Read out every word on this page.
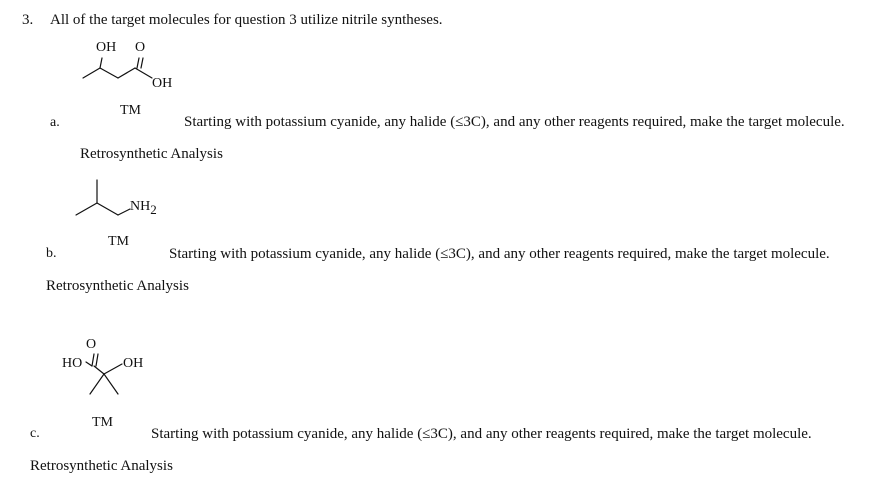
3. All of the target molecules for question 3 utilize nitrile syntheses.
OH O
OH
TM
a.	Starting with potassium cyanide, any halide (≤3C), and any other reagents required, make the target molecule.
Retrosynthetic Analysis
$NH_2$
TM
b.	Starting with potassium cyanide, any halide (≤3C), and any other reagents required, make the target molecule.
Retrosynthetic Analysis
O
HO	OH
TM
c.	Starting with potassium cyanide, any halide (≤3C), and any other reagents required, make the target molecule.
Retrosynthetic Analysis
